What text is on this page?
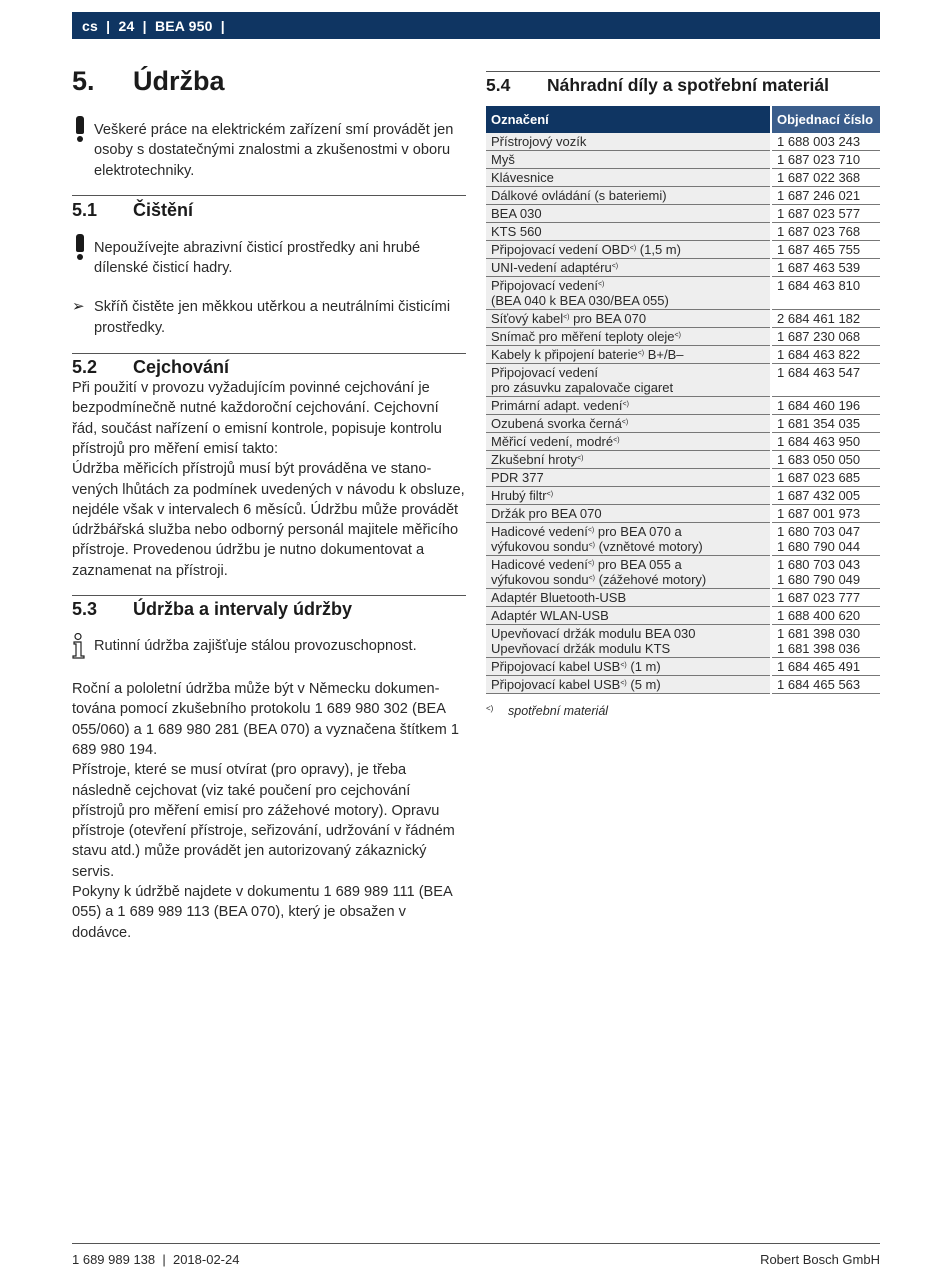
cs | 24 | BEA 950 |
5.	Údržba
Veškeré práce na elektrickém zařízení smí provádět jen osoby s dostatečnými znalostmi a zkušenostmi v oboru elektrotechniky.
5.1	Čištění
Nepoužívejte abrazivní čisticí prostředky ani hrubé dílenské čisticí hadry.
➢ Skříň čistěte jen měkkou utěrkou a neutrálními čisticími prostředky.
5.2	Cejchování
Při použití v provozu vyžadujícím povinné cejchování je bezpodmínečně nutné každoroční cejchování. Cejchovní řád, součást nařízení o emisní kontrole, popisuje kontrolu přístrojů pro měření emisí takto:
Údržba měřicích přístrojů musí být prováděna ve stanovených lhůtách za podmínek uvedených v návodu k obsluze, nejdéle však v intervalech 6 měsíců. Údržbu může provádět údržbářská služba nebo odborný personál majitele měřicího přístroje. Provedenou údržbu je nutno dokumentovat a zaznamenat na přístroji.
5.3	Údržba a intervaly údržby
Rutinní údržba zajišťuje stálou provozuschopnost.
Roční a pololetní údržba může být v Německu dokumentována pomocí zkušebního protokolu 1 689 980 302 (BEA 055/060) a 1 689 980 281 (BEA 070) a vyznačena štítkem 1 689 980 194.
Přístroje, které se musí otvírat (pro opravy), je třeba následně cejchovat (viz také poučení pro cejchování přístrojů pro měření emisí pro zážehové motory). Opravu přístroje (otevření přístroje, seřizování, udržování v řádném stavu atd.) může provádět jen autorizovaný zákaznický servis.
Pokyny k údržbě najdete v dokumentu 1 689 989 111 (BEA 055) a 1 689 989 113 (BEA 070), který je obsažen v dodávce.
5.4	Náhradní díly a spotřební materiál
Označení	Objednací číslo
Přístrojový vozík	1 688 003 243
Myš	1 687 023 710
Klávesnice	1 687 022 368
Dálkové ovládání (s bateriemi)	1 687 246 021
BEA 030	1 687 023 577
KTS 560	1 687 023 768
Připojovací vedení OBD<) (1,5 m)	1 687 465 755
UNI-vedení adaptéru<)	1 687 463 539
Připojovací vedení<)
(BEA 040 k BEA 030/BEA 055)	1 684 463 810
Síťový kabel<) pro BEA 070	2 684 461 182
Snímač pro měření teploty oleje<)	1 687 230 068
Kabely k připojení baterie<) B+/B–	1 684 463 822
Připojovací vedení
pro zásuvku zapalovače cigaret	1 684 463 547
Primární adapt. vedení<)	1 684 460 196
Ozubená svorka černá<)	1 681 354 035
Měřicí vedení, modré<)	1 684 463 950
Zkušební hroty<)	1 683 050 050
PDR 377	1 687 023 685
Hrubý filtr<)	1 687 432 005
Držák pro BEA 070	1 687 001 973
Hadicové vedení<) pro BEA 070 a
výfukovou sondu<) (vznětové motory)	1 680 703 047
1 680 790 044
Hadicové vedení<) pro BEA 055 a
výfukovou sondu<) (zážehové motory)	1 680 703 043
1 680 790 049
Adaptér Bluetooth-USB	1 687 023 777
Adaptér WLAN-USB	1 688 400 620
Upevňovací držák modulu BEA 030
Upevňovací držák modulu KTS	1 681 398 030
1 681 398 036
Připojovací kabel USB<) (1 m)	1 684 465 491
Připojovací kabel USB<) (5 m)	1 684 465 563
<)	spotřební materiál
1 689 989 138  |  2018-02-24	Robert Bosch GmbH
